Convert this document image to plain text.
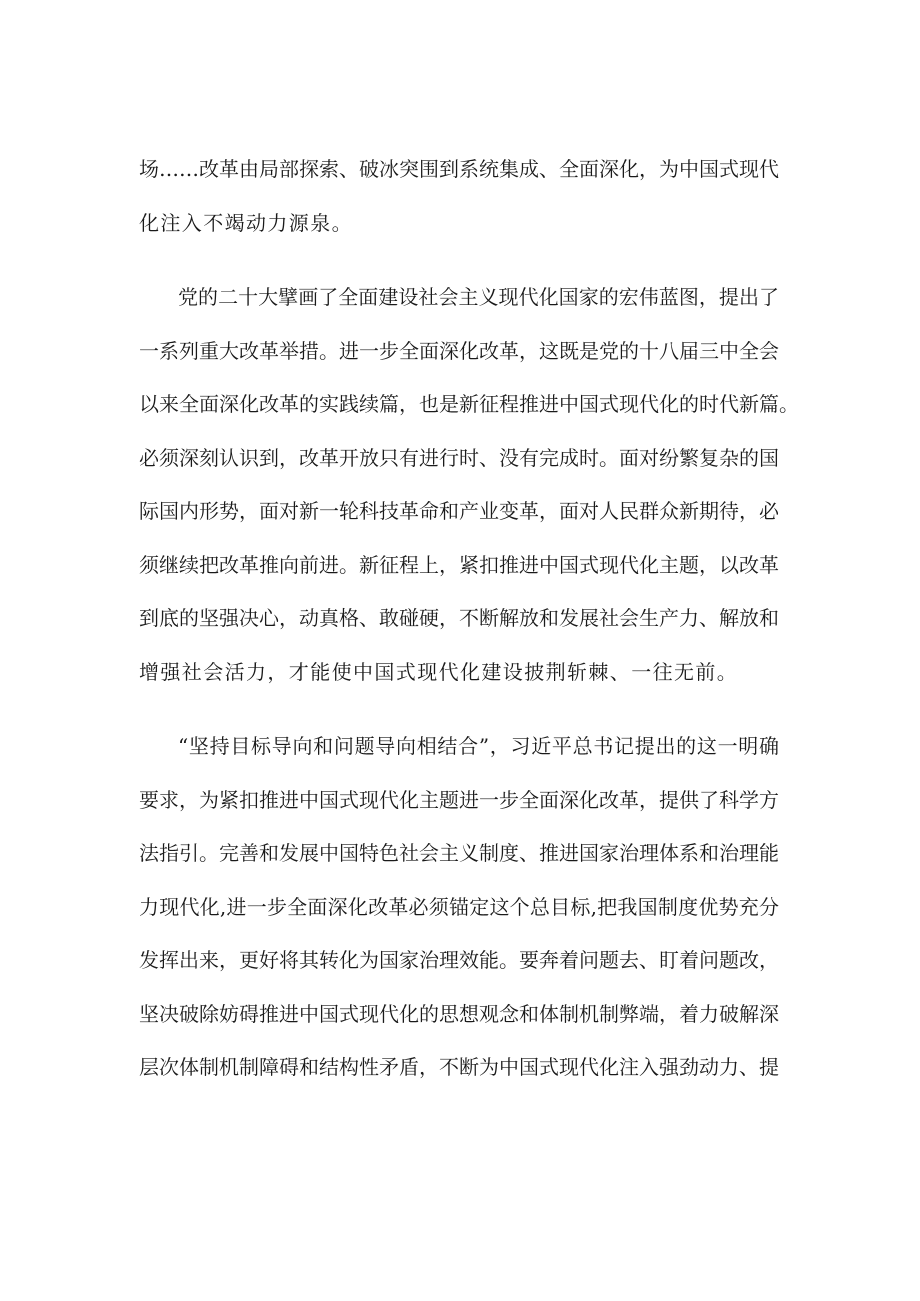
场……改革由局部探索、破冰突围到系统集成、全面深化，为中国式现代
化注入不竭动力源泉。
党的二十大擘画了全面建设社会主义现代化国家的宏伟蓝图，提出了
一系列重大改革举措。进一步全面深化改革，这既是党的十八届三中全会
以来全面深化改革的实践续篇，也是新征程推进中国式现代化的时代新篇。
必须深刻认识到，改革开放只有进行时、没有完成时。面对纷繁复杂的国
际国内形势，面对新一轮科技革命和产业变革，面对人民群众新期待，必
须继续把改革推向前进。新征程上，紧扣推进中国式现代化主题，以改革
到底的坚强决心，动真格、敢碰硬，不断解放和发展社会生产力、解放和
增强社会活力，才能使中国式现代化建设披荆斩棘、一往无前。
“坚持目标导向和问题导向相结合”，习近平总书记提出的这一明确
要求，为紧扣推进中国式现代化主题进一步全面深化改革，提供了科学方
法指引。完善和发展中国特色社会主义制度、推进国家治理体系和治理能
力现代化,进一步全面深化改革必须锚定这个总目标,把我国制度优势充分
发挥出来，更好将其转化为国家治理效能。要奔着问题去、盯着问题改，
坚决破除妨碍推进中国式现代化的思想观念和体制机制弊端，着力破解深
层次体制机制障碍和结构性矛盾，不断为中国式现代化注入强劲动力、提
